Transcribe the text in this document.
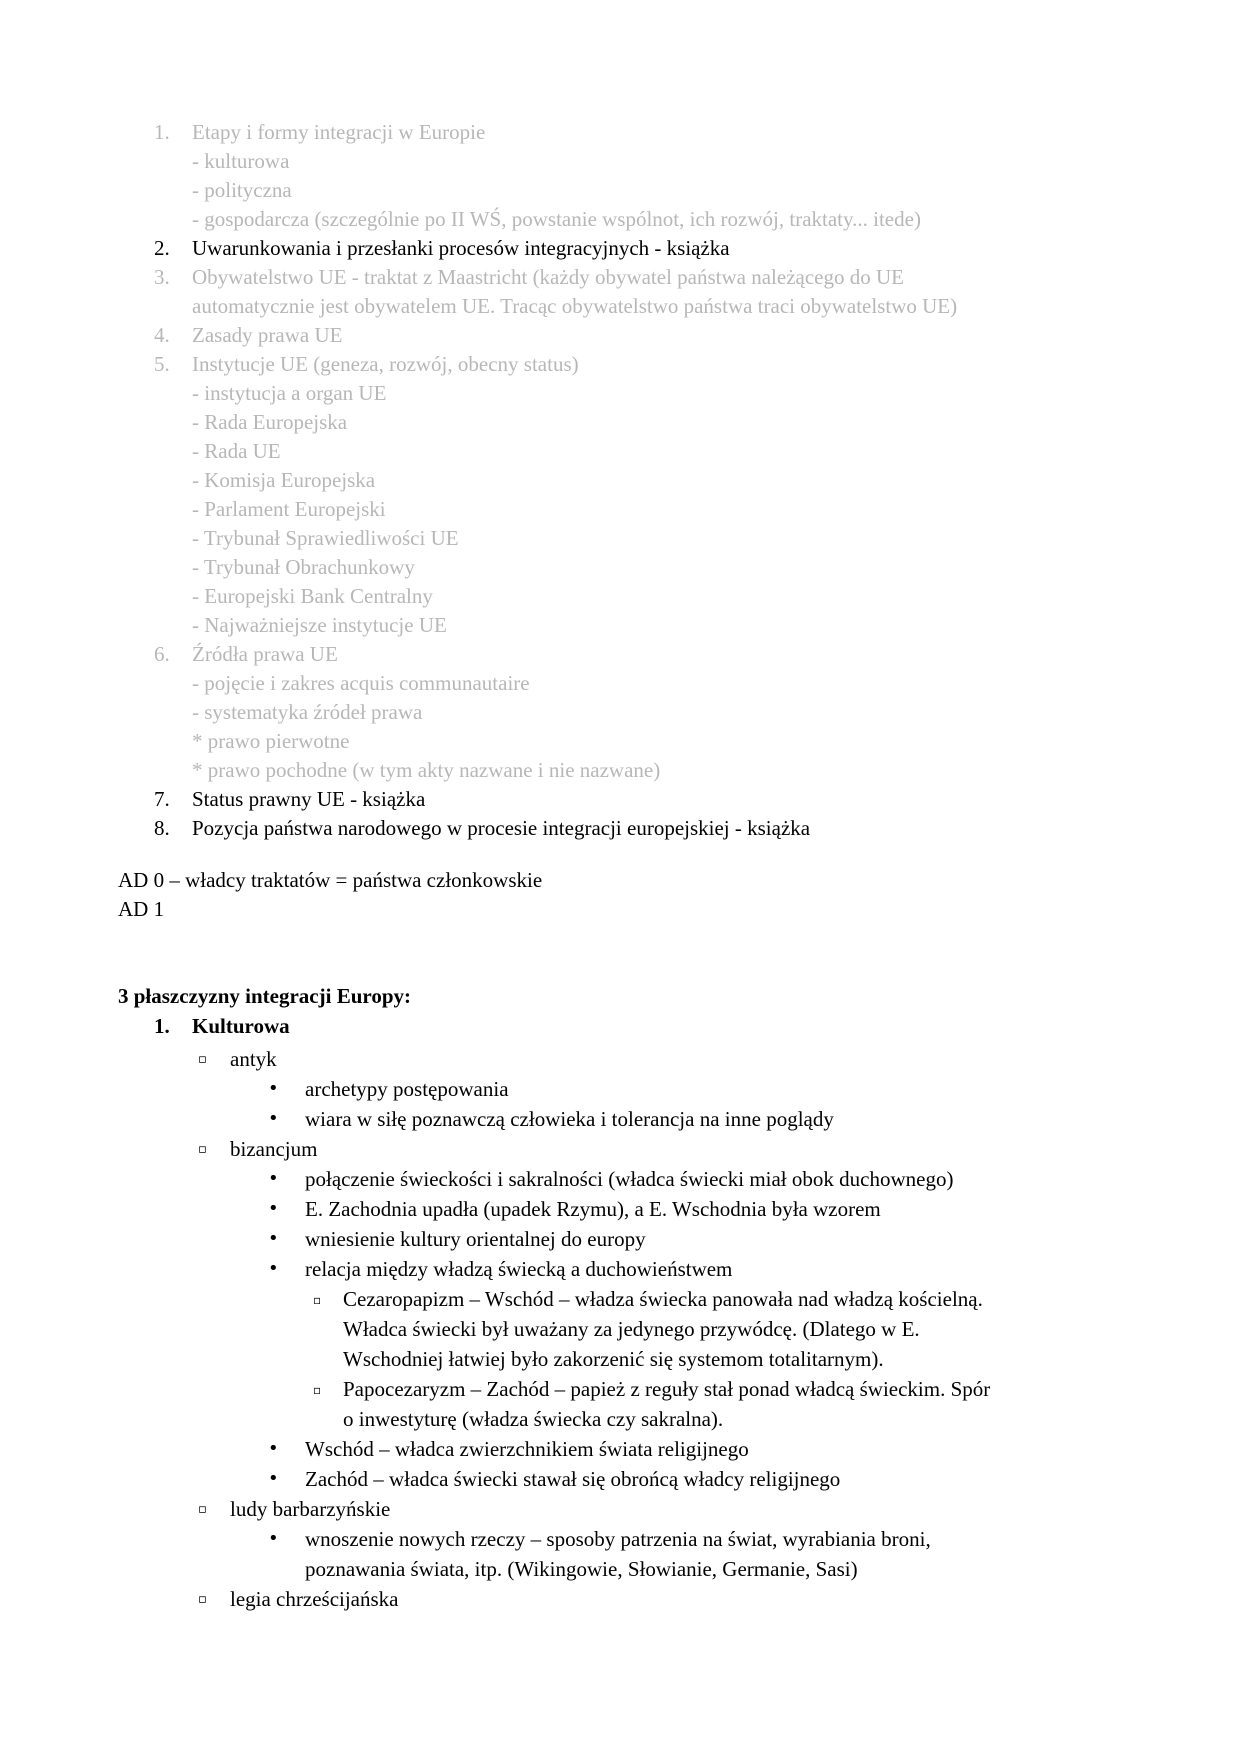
1.	Etapy i formy integracji w Europie
- kulturowa
- polityczna
- gospodarcza (szczególnie po II WŚ, powstanie wspólnot, ich rozwój, traktaty... itede)
2.	Uwarunkowania i przesłanki procesów integracyjnych - książka
3.	Obywatelstwo UE - traktat z Maastricht (każdy obywatel państwa należącego do UE
automatycznie jest obywatelem UE. Tracąc obywatelstwo państwa traci obywatelstwo UE)
4.	Zasady prawa UE
5.	Instytucje UE (geneza, rozwój, obecny status)
- instytucja a organ UE
- Rada Europejska
- Rada UE
- Komisja Europejska
- Parlament Europejski
- Trybunał Sprawiedliwości UE
- Trybunał Obrachunkowy
- Europejski Bank Centralny
- Najważniejsze instytucje UE
6.	Źródła prawa UE
- pojęcie i zakres acquis communautaire
- systematyka źródeł prawa
* prawo pierwotne
* prawo pochodne (w tym akty nazwane i nie nazwane)
7.	Status prawny UE - książka
8.	Pozycja państwa narodowego w procesie integracji europejskiej - książka
AD 0 – władcy traktatów = państwa członkowskie
AD 1
3 płaszczyzny integracji Europy:
1. Kulturowa
▫ antyk
• archetypy postępowania
• wiara w siłę poznawczą człowieka i tolerancja na inne poglądy
▫ bizancjum
• połączenie świeckości i sakralności (władca świecki miał obok duchownego)
• E. Zachodnia upadła (upadek Rzymu), a E. Wschodnia była wzorem
• wniesienie kultury orientalnej do europy
• relacja między władzą świecką a duchowieństwem
▫ Cezaropapizm – Wschód – władza świecka panowała nad władzą kościelną.
Władca świecki był uważany za jedynego przywódcę. (Dlatego w E.
Wschodniej łatwiej było zakorzenić się systemom totalitarnym).
▫ Papocezaryzm – Zachód – papież z reguły stał ponad władcą świeckim. Spór
o inwestyturę (władza świecka czy sakralna).
• Wschód – władca zwierzchnikiem świata religijnego
• Zachód – władca świecki stawał się obrońcą władcy religijnego
▫ ludy barbarzyńskie
• wnoszenie nowych rzeczy – sposoby patrzenia na świat, wyrabiania broni,
poznawania świata, itp. (Wikingowie, Słowianie, Germanie, Sasi)
▫ legia chrześcijańska
